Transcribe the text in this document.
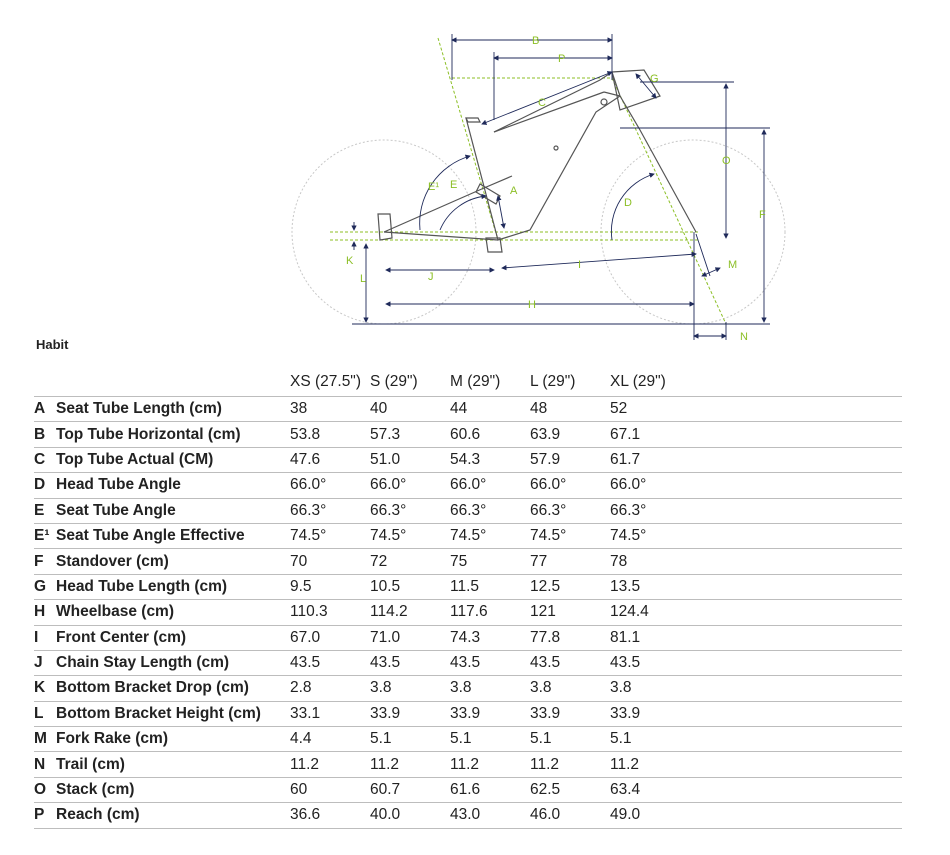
B
P
C
G
O
F
D
E¹ E	A
K
L	J
I	M
H
N
Habit
		XS (27.5")	S (29")	M (29")	L (29")	XL (29")	
A	Seat Tube Length (cm)	38	40	44	48	52	
B	Top Tube Horizontal (cm)	53.8	57.3	60.6	63.9	67.1	
C	Top Tube Actual (CM)	47.6	51.0	54.3	57.9	61.7	
D	Head Tube Angle	66.0°	66.0°	66.0°	66.0°	66.0°	
E	Seat Tube Angle	66.3°	66.3°	66.3°	66.3°	66.3°	
E¹	Seat Tube Angle Effective	74.5°	74.5°	74.5°	74.5°	74.5°	
F	Standover (cm)	70	72	75	77	78	
G	Head Tube Length (cm)	9.5	10.5	11.5	12.5	13.5	
H	Wheelbase (cm)	110.3	114.2	117.6	121	124.4	
I	Front Center (cm)	67.0	71.0	74.3	77.8	81.1	
J	Chain Stay Length (cm)	43.5	43.5	43.5	43.5	43.5	
K	Bottom Bracket Drop (cm)	2.8	3.8	3.8	3.8	3.8	
L	Bottom Bracket Height (cm)	33.1	33.9	33.9	33.9	33.9	
M	Fork Rake (cm)	4.4	5.1	5.1	5.1	5.1	
N	Trail (cm)	11.2	11.2	11.2	11.2	11.2	
O	Stack (cm)	60	60.7	61.6	62.5	63.4	
P	Reach (cm)	36.6	40.0	43.0	46.0	49.0	
